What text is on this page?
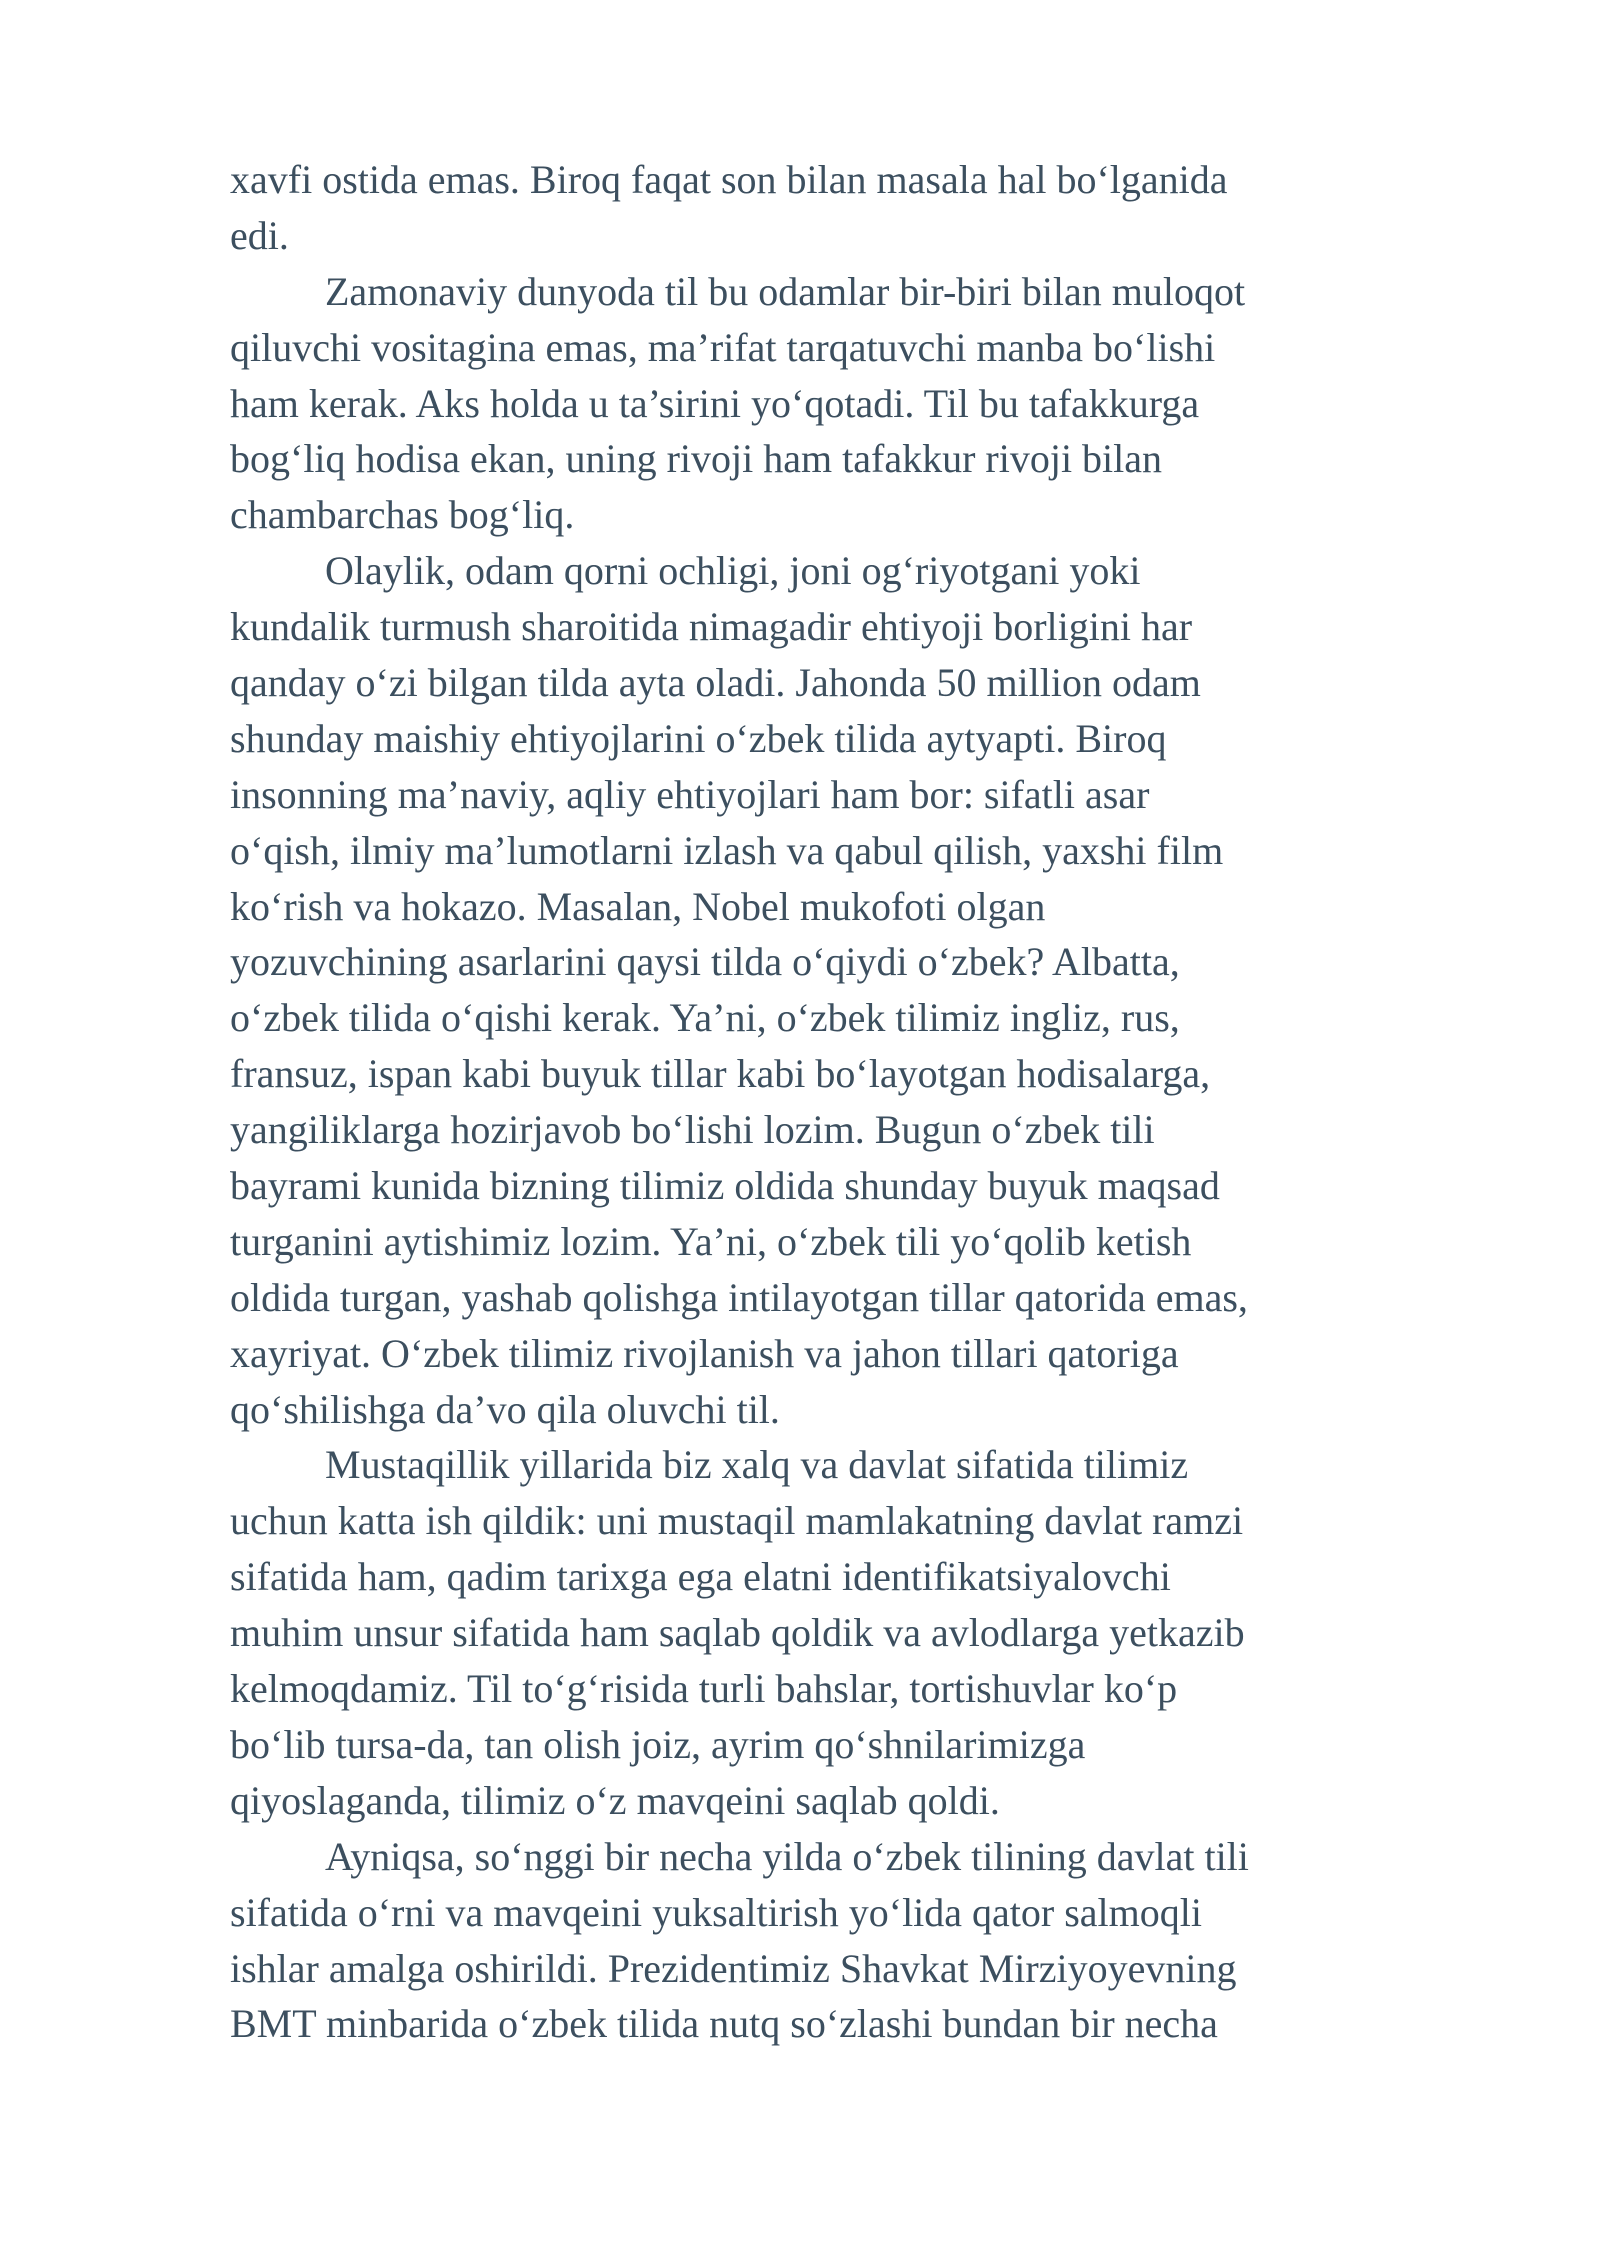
xavfi ostida emas. Biroq faqat son bilan masala hal bo‘lganida
edi.
Zamonaviy dunyoda til bu odamlar bir-biri bilan muloqot
qiluvchi vositagina emas, ma’rifat tarqatuvchi manba bo‘lishi
ham kerak. Aks holda u ta’sirini yo‘qotadi. Til bu tafakkurga
bog‘liq hodisa ekan, uning rivoji ham tafakkur rivoji bilan
chambarchas bog‘liq.
Olaylik, odam qorni ochligi, joni og‘riyotgani yoki
kundalik turmush sharoitida nimagadir ehtiyoji borligini har
qanday o‘zi bilgan tilda ayta oladi. Jahonda 50 million odam
shunday maishiy ehtiyojlarini o‘zbek tilida aytyapti. Biroq
insonning ma’naviy, aqliy ehtiyojlari ham bor: sifatli asar
o‘qish, ilmiy ma’lumotlarni izlash va qabul qilish, yaxshi film
ko‘rish va hokazo. Masalan, Nobel mukofoti olgan
yozuvchining asarlarini qaysi tilda o‘qiydi o‘zbek? Albatta,
o‘zbek tilida o‘qishi kerak. Ya’ni, o‘zbek tilimiz ingliz, rus,
fransuz, ispan kabi buyuk tillar kabi bo‘layotgan hodisalarga,
yangiliklarga hozirjavob bo‘lishi lozim. Bugun o‘zbek tili
bayrami kunida bizning tilimiz oldida shunday buyuk maqsad
turganini aytishimiz lozim. Ya’ni, o‘zbek tili yo‘qolib ketish
oldida turgan, yashab qolishga intilayotgan tillar qatorida emas,
xayriyat. O‘zbek tilimiz rivojlanish va jahon tillari qatoriga
qo‘shilishga da’vo qila oluvchi til.
Mustaqillik yillarida biz xalq va davlat sifatida tilimiz
uchun katta ish qildik: uni mustaqil mamlakatning davlat ramzi
sifatida ham, qadim tarixga ega elatni identifikatsiyalovchi
muhim unsur sifatida ham saqlab qoldik va avlodlarga yetkazib
kelmoqdamiz. Til to‘g‘risida turli bahslar, tortishuvlar ko‘p
bo‘lib tursa-da, tan olish joiz, ayrim qo‘shnilarimizga
qiyoslaganda, tilimiz o‘z mavqeini saqlab qoldi.
Ayniqsa, so‘nggi bir necha yilda o‘zbek tilining davlat tili
sifatida o‘rni va mavqeini yuksaltirish yo‘lida qator salmoqli
ishlar amalga oshirildi. Prezidentimiz Shavkat Mirziyoyevning
BMT minbarida o‘zbek tilida nutq so‘zlashi bundan bir necha
